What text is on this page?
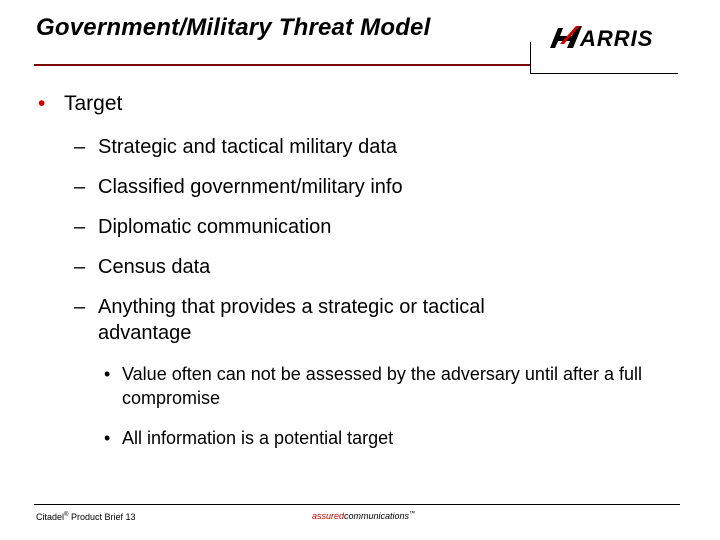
Government/Military Threat Model	ARRIS
• Target
– Strategic and tactical military data
– Classified government/military info
– Diplomatic communication
– Census data
– Anything that provides a strategic or tactical advantage
• Value often can not be assessed by the adversary until after a full compromise
• All information is a potential target
Citadel® Product Brief 13	assuredcommunications™
